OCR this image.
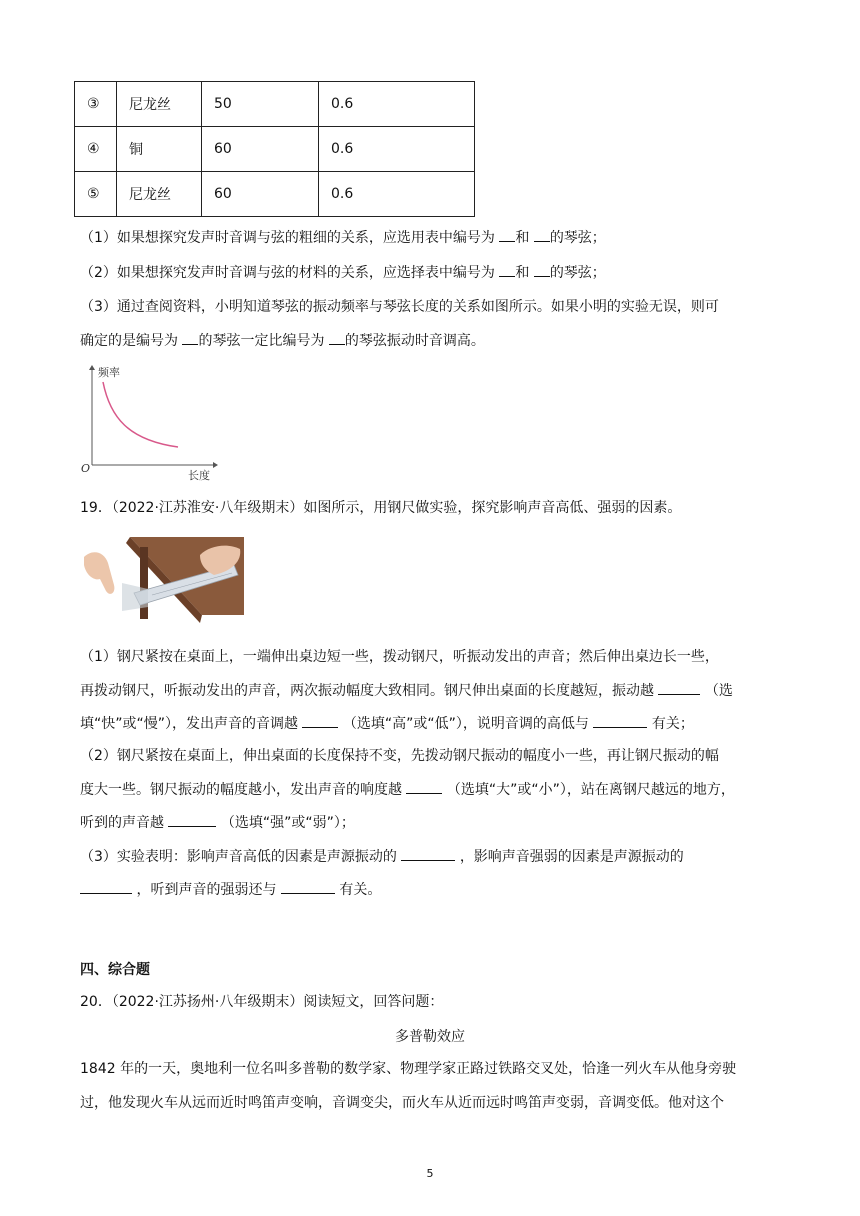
③	尼龙丝	50	0.6
④	铜	60	0.6
⑤	尼龙丝	60	0.6
（1）如果想探究发声时音调与弦的粗细的关系，应选用表中编号为 和 的琴弦；
（2）如果想探究发声时音调与弦的材料的关系，应选择表中编号为 和 的琴弦；
（3）通过查阅资料，小明知道琴弦的振动频率与琴弦长度的关系如图所示。如果小明的实验无误，则可
确定的是编号为 的琴弦一定比编号为 的琴弦振动时音调高。
频率
长度
O
19．（2022·江苏淮安·八年级期末）如图所示，用钢尺做实验，探究影响声音高低、强弱的因素。
（1）钢尺紧按在桌面上，一端伸出桌边短一些，拨动钢尺，听振动发出的声音；然后伸出桌边长一些，
再拨动钢尺，听振动发出的声音，两次振动幅度大致相同。钢尺伸出桌面的长度越短，振动越	（选
填“快”或“慢”），发出声音的音调越	（选填“高”或“低”），说明音调的高低与	有关；
（2）钢尺紧按在桌面上，伸出桌面的长度保持不变，先拨动钢尺振动的幅度小一些，再让钢尺振动的幅
度大一些。钢尺振动的幅度越小，发出声音的响度越	（选填“大”或“小”），站在离钢尺越远的地方，
听到的声音越	（选填“强”或“弱”）；
（3）实验表明：影响声音高低的因素是声源振动的	，影响声音强弱的因素是声源振动的
，听到声音的强弱还与	有关。
四、综合题
20．（2022·江苏扬州·八年级期末）阅读短文，回答问题：
多普勒效应
1842 年的一天，奥地利一位名叫多普勒的数学家、物理学家正路过铁路交叉处，恰逢一列火车从他身旁驶
过，他发现火车从远而近时鸣笛声变响，音调变尖，而火车从近而远时鸣笛声变弱，音调变低。他对这个
5
